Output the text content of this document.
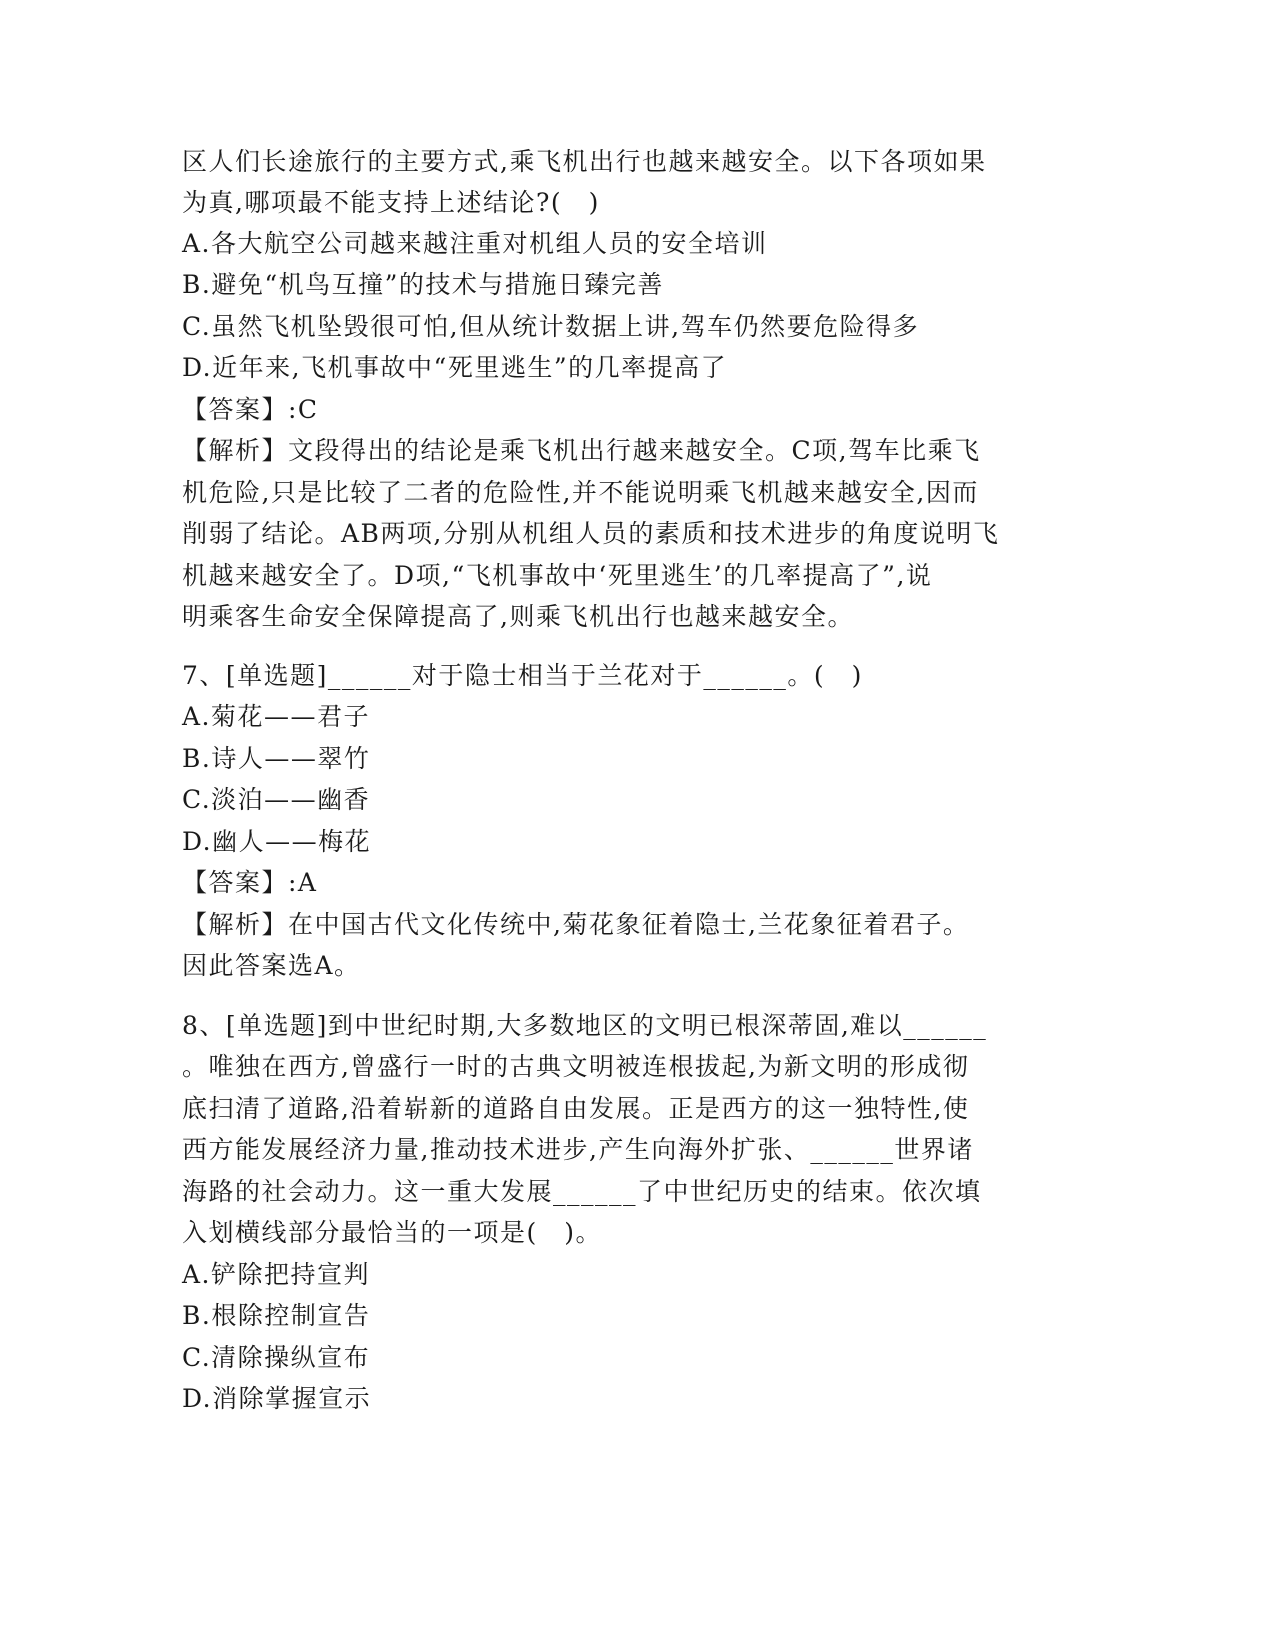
区人们长途旅行的主要方式,乘飞机出行也越来越安全。以下各项如果
为真,哪项最不能支持上述结论?(　)
A.各大航空公司越来越注重对机组人员的安全培训
B.避免“机鸟互撞”的技术与措施日臻完善
C.虽然飞机坠毁很可怕,但从统计数据上讲,驾车仍然要危险得多
D.近年来,飞机事故中“死里逃生”的几率提高了
【答案】:C
【解析】文段得出的结论是乘飞机出行越来越安全。C项,驾车比乘飞
机危险,只是比较了二者的危险性,并不能说明乘飞机越来越安全,因而
削弱了结论。AB两项,分别从机组人员的素质和技术进步的角度说明飞
机越来越安全了。D项,“飞机事故中‘死里逃生’的几率提高了”,说
明乘客生命安全保障提高了,则乘飞机出行也越来越安全。
7、[单选题]______对于隐士相当于兰花对于______。(　)
A.菊花——君子
B.诗人——翠竹
C.淡泊——幽香
D.幽人——梅花
【答案】:A
【解析】在中国古代文化传统中,菊花象征着隐士,兰花象征着君子。
因此答案选A。
8、[单选题]到中世纪时期,大多数地区的文明已根深蒂固,难以______
。唯独在西方,曾盛行一时的古典文明被连根拔起,为新文明的形成彻
底扫清了道路,沿着崭新的道路自由发展。正是西方的这一独特性,使
西方能发展经济力量,推动技术进步,产生向海外扩张、______世界诸
海路的社会动力。这一重大发展______了中世纪历史的结束。依次填
入划横线部分最恰当的一项是(　)。
A.铲除把持宣判
B.根除控制宣告
C.清除操纵宣布
D.消除掌握宣示
